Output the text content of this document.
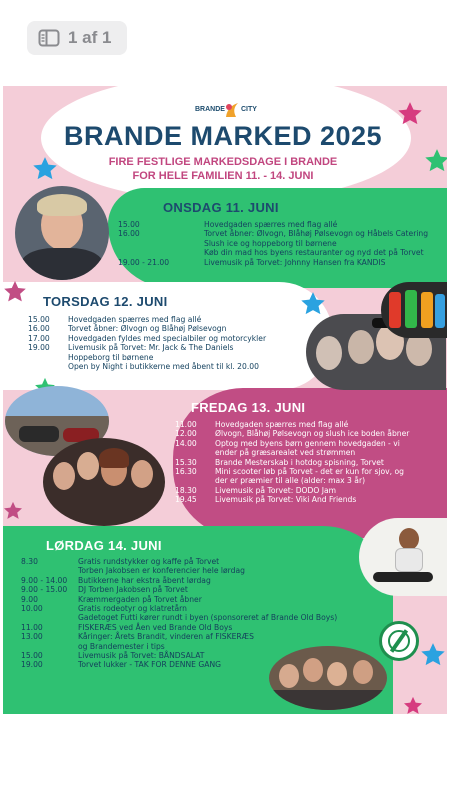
1 af 1
BRANDE CITY
BRANDE MARKED 2025
FIRE FESTLIGE MARKEDSDAGE I BRANDE
FOR HELE FAMILIEN 11. - 14. JUNI
ONSDAG 11. JUNI
15.00	Hovedgaden spærres med flag allé
16.00	Torvet åbner: Ølvogn, Blåhøj Pølsevogn og Håbels Catering
Slush ice og hoppeborg til børnene
Køb din mad hos byens restauranter og nyd det på Torvet
19.00 - 21.00	Livemusik på Torvet: Johnny Hansen fra KANDIS
TORSDAG 12. JUNI
15.00	Hovedgaden spærres med flag allé
16.00	Torvet åbner: Ølvogn og Blåhøj Pølsevogn
17.00	Hovedgaden fyldes med specialbiler og motorcykler
19.00	Livemusik på Torvet: Mr. Jack & The Daniels
Hoppeborg til børnene
Open by Night i butikkerne med åbent til kl. 20.00
FREDAG 13. JUNI
11.00	Hovedgaden spærres med flag allé
12.00	Ølvogn, Blåhøj Pølsevogn og slush ice boden åbner
14.00	Optog med byens børn gennem hovedgaden - vi
ender på græsarealet ved strømmen
15.30	Brande Mesterskab i hotdog spisning, Torvet
16.30	Mini scooter løb på Torvet - det er kun for sjov, og
der er præmier til alle (alder: max 3 år)
18.30	Livemusik på Torvet: DODO Jam
19.45	Livemusik på Torvet: Viki And Friends
LØRDAG 14. JUNI
8.30	Gratis rundstykker og kaffe på Torvet
Torben Jakobsen er konferencier hele lørdag
9.00 - 14.00	Butikkerne har ekstra åbent lørdag
9.00 - 15.00	DJ Torben Jakobsen på Torvet
9.00	Kræmmergaden på Torvet åbner
10.00	Gratis rodeotyr og klatretårn
Gadetoget Futti kører rundt i byen (sponsoreret af Brande Old Boys)
11.00	FISKERÆS ved Åen ved Brande Old Boys
13.00	Kåringer: Årets Brandit, vinderen af FISKERÆS
og Brandemester i tips
15.00	Livemusik på Torvet: BÅNDSALAT
19.00	Torvet lukker - TAK FOR DENNE GANG
